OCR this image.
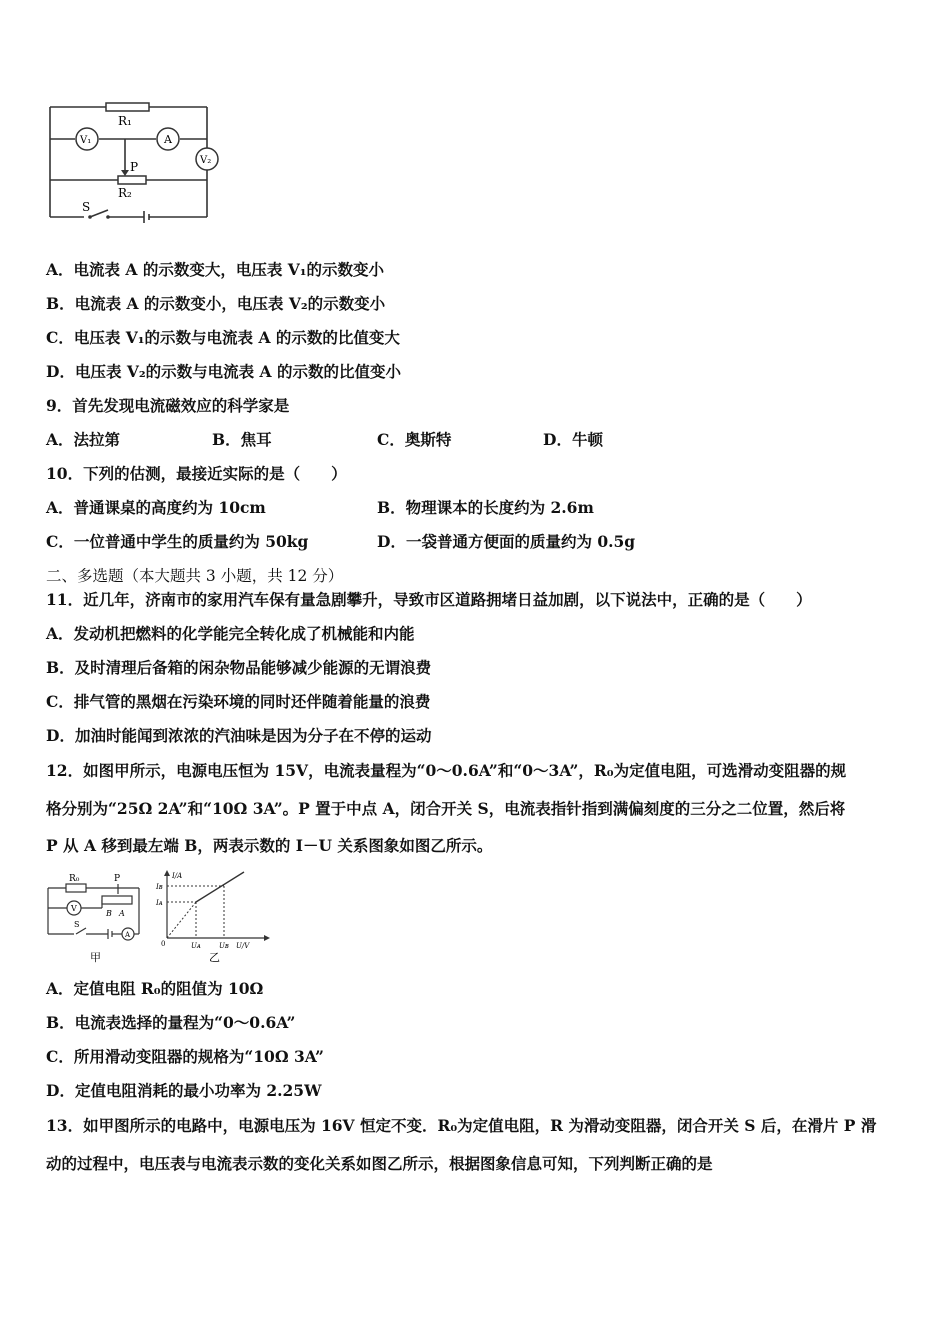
R₁
V₁	A
V₂
P
R₂
S
A．电流表 A 的示数变大，电压表 V₁的示数变小
B．电流表 A 的示数变小，电压表 V₂的示数变小
C．电压表 V₁的示数与电流表 A 的示数的比值变大
D．电压表 V₂的示数与电流表 A 的示数的比值变小
9．首先发现电流磁效应的科学家是
A．法拉第	B．焦耳	C．奥斯特	D．牛顿
10．下列的估测，最接近实际的是（　　）
A．普通课桌的高度约为 10cm	B．物理课本的长度约为 2.6m
C．一位普通中学生的质量约为 50kg	D．一袋普通方便面的质量约为 0.5g
二、多选题（本大题共 3 小题，共 12 分）
11．近几年，济南市的家用汽车保有量急剧攀升，导致市区道路拥堵日益加剧，以下说法中，正确的是（　　）
A．发动机把燃料的化学能完全转化成了机械能和内能
B．及时清理后备箱的闲杂物品能够减少能源的无谓浪费
C．排气管的黑烟在污染环境的同时还伴随着能量的浪费
D．加油时能闻到浓浓的汽油味是因为分子在不停的运动
12．如图甲所示，电源电压恒为 15V，电流表量程为“0～0.6A”和“0～3A”，R₀为定值电阻，可选滑动变阻器的规
格分别为“25Ω 2A”和“10Ω 3A”。P 置于中点 A，闭合开关 S，电流表指针指到满偏刻度的三分之二位置，然后将
P 从 A 移到最左端 B，两表示数的 I－U 关系图象如图乙所示。
R₀	P
B A
V
A
S
甲
I/A
Iʙ
Iᴀ
Uᴀ	Uʙ U/V
0
乙
A．定值电阻 R₀的阻值为 10Ω
B．电流表选择的量程为“0～0.6A”
C．所用滑动变阻器的规格为“10Ω 3A”
D．定值电阻消耗的最小功率为 2.25W
13．如甲图所示的电路中，电源电压为 16V 恒定不变．R₀为定值电阻，R 为滑动变阻器，闭合开关 S 后，在滑片 P 滑
动的过程中，电压表与电流表示数的变化关系如图乙所示，根据图象信息可知，下列判断正确的是
